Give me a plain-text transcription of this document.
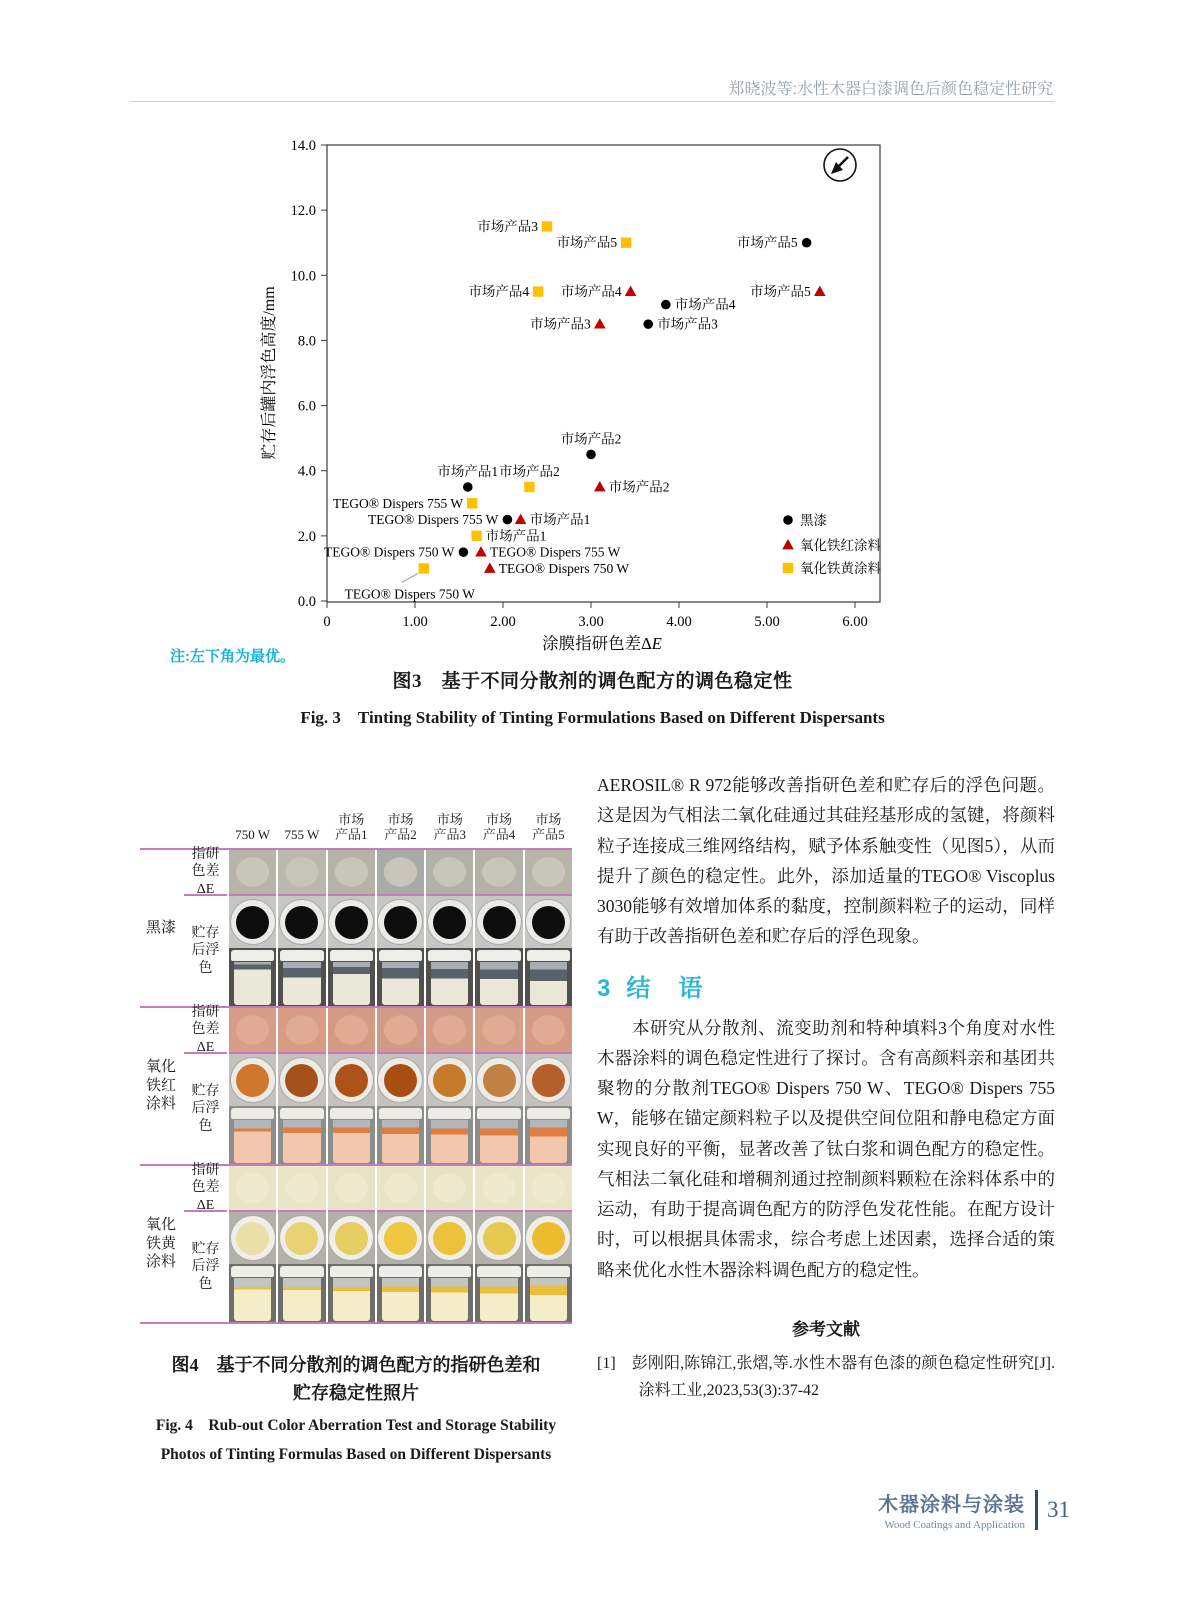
郑晓波等:水性木器白漆调色后颜色稳定性研究
0.0
2.0
4.0
6.0
8.0
10.0
12.0
14.0
0	1.00	2.00	3.00	4.00	5.00	6.00
贮存后罐内浮色高度/mm
涂膜指研色差ΔE
TEGO® Dispers 750 W
TEGO® Dispers 755 W
市场产品1
市场产品2
市场产品3
市场产品4
市场产品5
TEGO® Dispers 750 W
TEGO® Dispers 755 W
市场产品1
市场产品2
市场产品3
市场产品4	市场产品5
TEGO® Dispers 750 W
市场产品1
TEGO® Dispers 755 W
市场产品2
市场产品4
市场产品5
市场产品3
黑漆
氧化铁红涂料
氧化铁黄涂料
注:左下角为最优。
图3　基于不同分散剂的调色配方的调色稳定性
Fig. 3　Tinting Stability of Tinting Formulations Based on Different Dispersants
750 W	755 W
市场
产品1
市场
产品2
市场
产品3
市场
产品4
市场
产品5
黑漆
指研
色差
ΔE
贮存
后浮
色
氧化
铁红
涂料
指研
色差
ΔE
贮存
后浮
色
氧化
铁黄
涂料
指研
色差
ΔE
贮存
后浮
色
图4　基于不同分散剂的调色配方的指研色差和
贮存稳定性照片
Fig. 4　Rub-out Color Aberration Test and Storage Stability
Photos of Tinting Formulas Based on Different Dispersants

AEROSIL® R 972能够改善指研色差和贮存后的浮色问题。这是因为气相法二氧化硅通过其硅羟基形成的氢键，将颜料粒子连接成三维网络结构，赋予体系触变性（见图5），从而提升了颜色的稳定性。此外，添加适量的TEGO® Viscoplus 3030能够有效增加体系的黏度，控制颜料粒子的运动，同样有助于改善指研色差和贮存后的浮色现象。

3 结　语

本研究从分散剂、流变助剂和特种填料3个角度对水性木器涂料的调色稳定性进行了探讨。含有高颜料亲和基团共聚物的分散剂TEGO® Dispers 750 W、TEGO® Dispers 755 W，能够在锚定颜料粒子以及提供空间位阻和静电稳定方面实现良好的平衡，显著改善了钛白浆和调色配方的稳定性。气相法二氧化硅和增稠剂通过控制颜料颗粒在涂料体系中的运动，有助于提高调色配方的防浮色发花性能。在配方设计时，可以根据具体需求，综合考虑上述因素，选择合适的策略来优化水性木器涂料调色配方的稳定性。

参考文献
[1]　彭刚阳,陈锦江,张熠,等.水性木器有色漆的颜色稳定性研究[J].涂料工业,2023,53(3):37-42
木器涂料与涂装
Wood Coatings and Application
31
